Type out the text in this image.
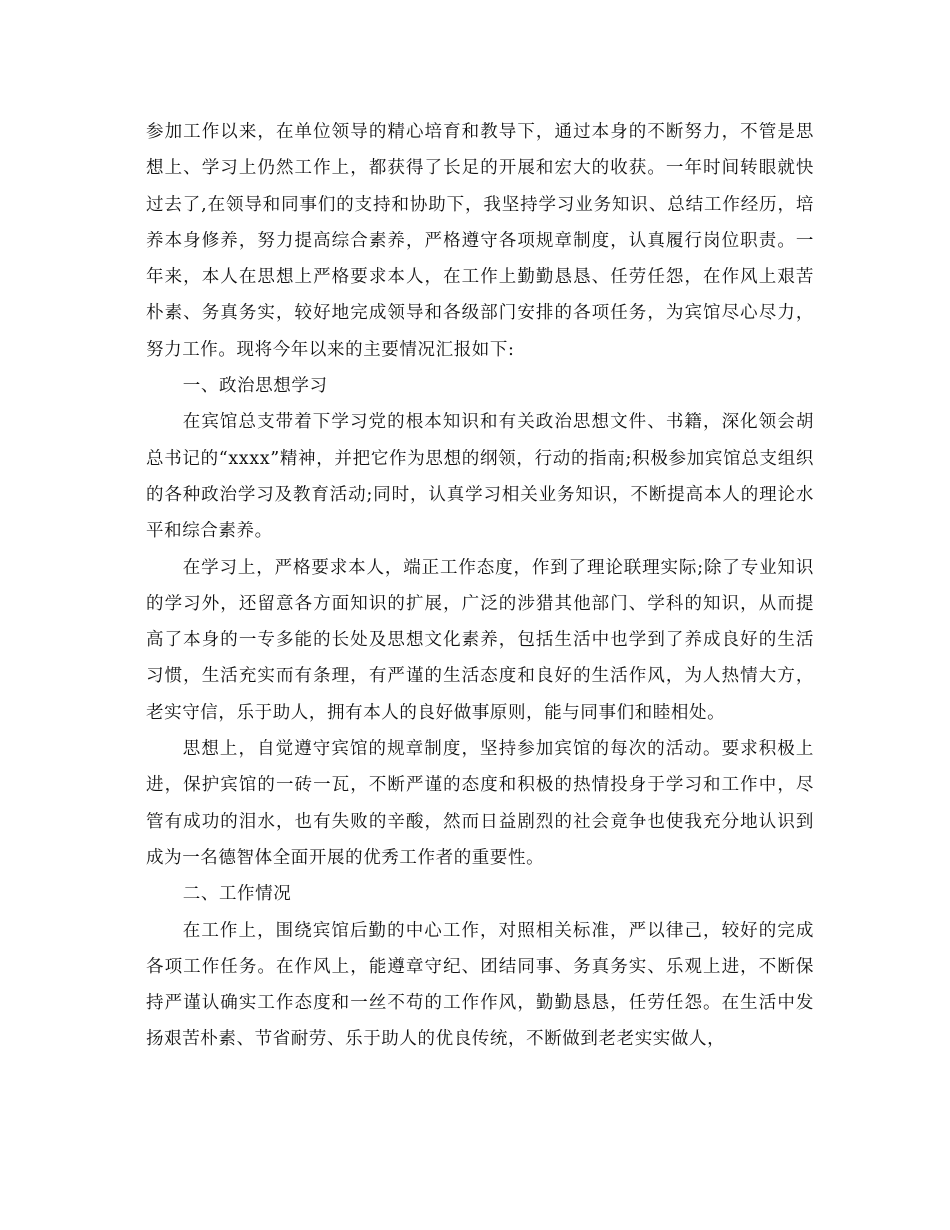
参加工作以来，在单位领导的精心培育和教导下，通过本身的不断努力，不管是思想上、学习上仍然工作上，都获得了长足的开展和宏大的收获。一年时间转眼就快过去了,在领导和同事们的支持和协助下，我坚持学习业务知识、总结工作经历，培养本身修养，努力提高综合素养，严格遵守各项规章制度，认真履行岗位职责。一年来，本人在思想上严格要求本人，在工作上勤勤恳恳、任劳任怨，在作风上艰苦朴素、务真务实，较好地完成领导和各级部门安排的各项任务，为宾馆尽心尽力，努力工作。现将今年以来的主要情况汇报如下:

一、政治思想学习

在宾馆总支带着下学习党的根本知识和有关政治思想文件、书籍，深化领会胡总书记的“xxxx”精神，并把它作为思想的纲领，行动的指南;积极参加宾馆总支组织的各种政治学习及教育活动;同时，认真学习相关业务知识，不断提高本人的理论水平和综合素养。

在学习上，严格要求本人，端正工作态度，作到了理论联理实际;除了专业知识的学习外，还留意各方面知识的扩展，广泛的涉猎其他部门、学科的知识，从而提高了本身的一专多能的长处及思想文化素养，包括生活中也学到了养成良好的生活习惯，生活充实而有条理，有严谨的生活态度和良好的生活作风，为人热情大方，老实守信，乐于助人，拥有本人的良好做事原则，能与同事们和睦相处。

思想上，自觉遵守宾馆的规章制度，坚持参加宾馆的每次的活动。要求积极上进，保护宾馆的一砖一瓦，不断严谨的态度和积极的热情投身于学习和工作中，尽管有成功的泪水，也有失败的辛酸，然而日益剧烈的社会竟争也使我充分地认识到成为一名德智体全面开展的优秀工作者的重要性。

二、工作情况

在工作上，围绕宾馆后勤的中心工作，对照相关标准，严以律己，较好的完成各项工作任务。在作风上，能遵章守纪、团结同事、务真务实、乐观上进，不断保持严谨认确实工作态度和一丝不苟的工作作风，勤勤恳恳，任劳任怨。在生活中发扬艰苦朴素、节省耐劳、乐于助人的优良传统，不断做到老老实实做人，
